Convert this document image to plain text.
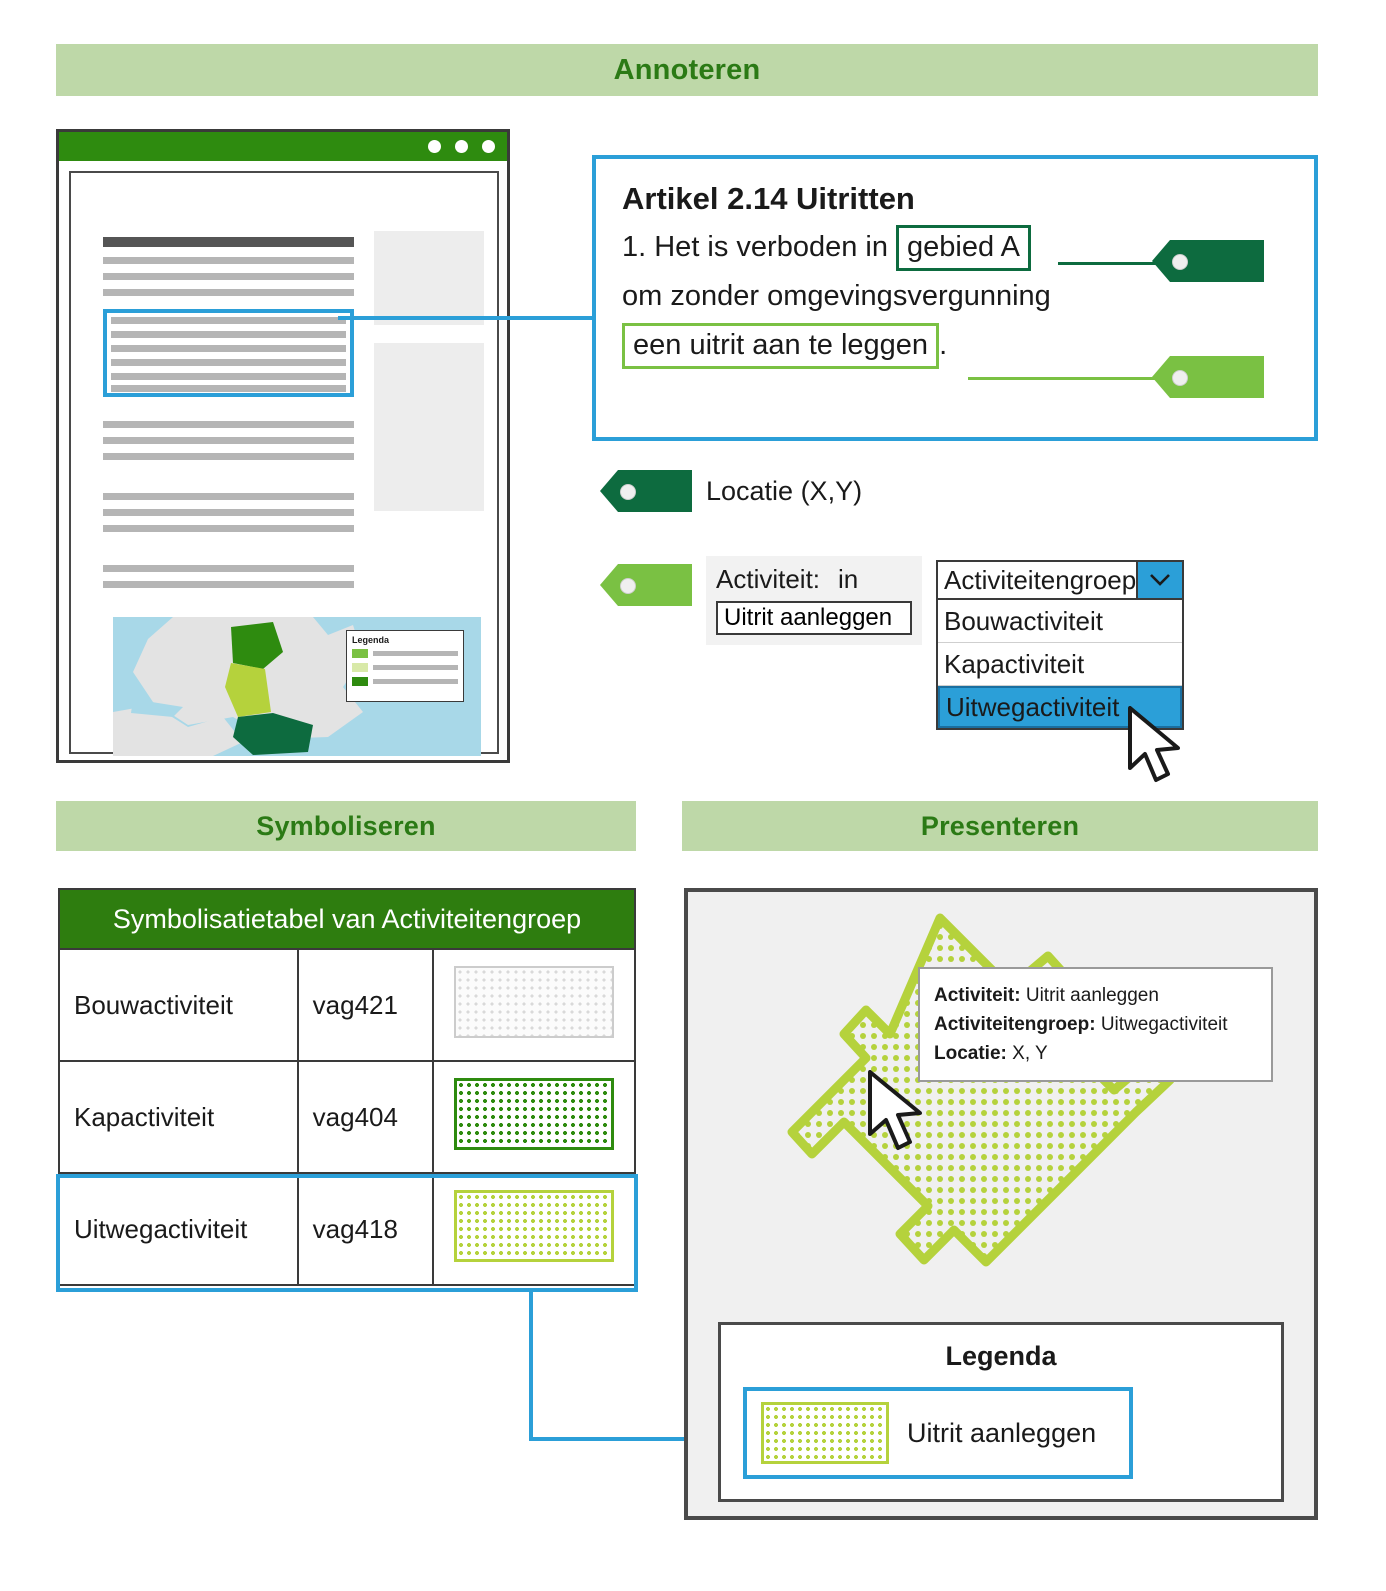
Annoteren
Symboliseren	Presenteren
Legenda
Artikel 2.14 Uitritten
1. Het is verboden in gebied A
om zonder omgevingsvergunning
een uitrit aan te leggen .
Locatie (X,Y)
Activiteit: in
Uitrit aanleggen	Activiteitengroep
Bouwactiviteit
Kapactiviteit
Uitwegactiviteit
Symbolisatietabel van Activiteitengroep		
Bouwactiviteit	vag421	
Kapactiviteit	vag404	
Uitwegactiviteit	vag418	
Activiteit: Uitrit aanleggen
Activiteitengroep: Uitwegactiviteit
Locatie: X, Y
Legenda
Uitrit aanleggen
